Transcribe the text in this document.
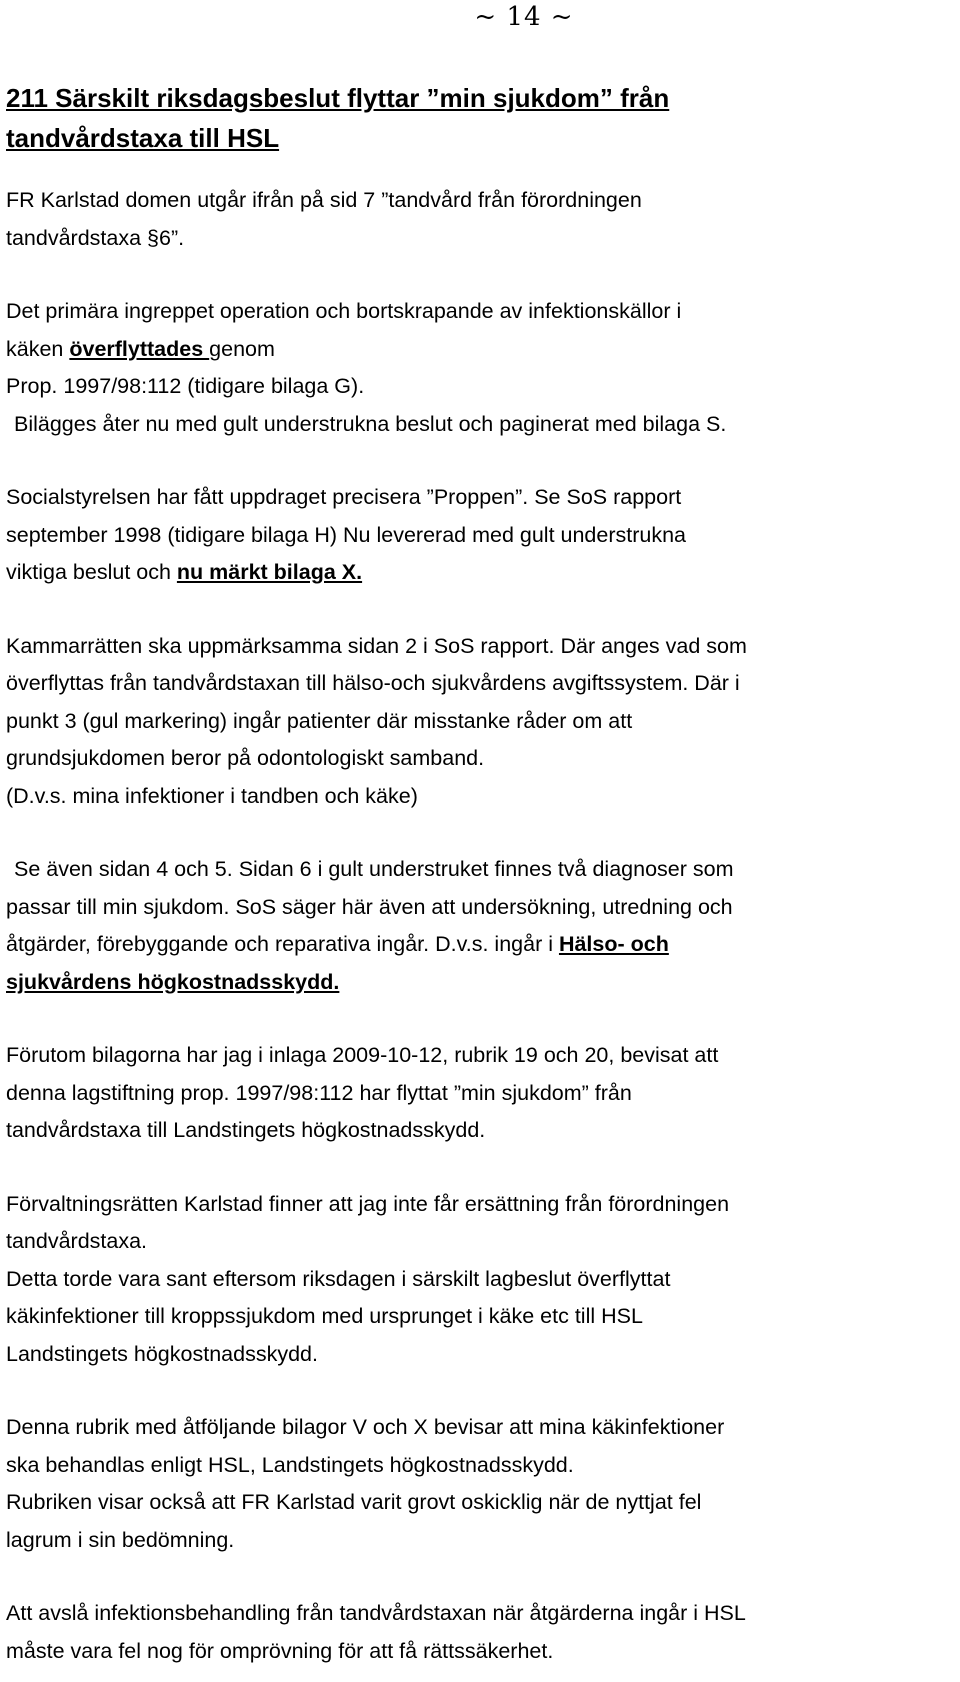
~ 14 ~
211 Särskilt riksdagsbeslut flyttar ”min sjukdom” från
tandvårdstaxa till HSL

FR Karlstad domen utgår ifrån på sid 7 ”tandvård från förordningen
tandvårdstaxa §6”.

Det primära ingreppet operation och bortskrapande av infektionskällor i
käken överflyttades genom
Prop. 1997/98:112 (tidigare bilaga G).
Bilägges åter nu med gult understrukna beslut och paginerat med bilaga S.

Socialstyrelsen har fått uppdraget precisera ”Proppen”. Se SoS rapport
september 1998 (tidigare bilaga H) Nu levererad med gult understrukna
viktiga beslut och nu märkt bilaga X.

Kammarrätten ska uppmärksamma sidan 2 i SoS rapport. Där anges vad som
överflyttas från tandvårdstaxan till hälso-och sjukvårdens avgiftssystem. Där i
punkt 3 (gul markering) ingår patienter där misstanke råder om att
grundsjukdomen beror på odontologiskt samband.
(D.v.s. mina infektioner i tandben och käke)

Se även sidan 4 och 5. Sidan 6 i gult understruket finnes två diagnoser som
passar till min sjukdom. SoS säger här även att undersökning, utredning och
åtgärder, förebyggande och reparativa ingår. D.v.s. ingår i Hälso- och
sjukvårdens högkostnadsskydd.

Förutom bilagorna har jag i inlaga 2009-10-12, rubrik 19 och 20, bevisat att
denna lagstiftning prop. 1997/98:112 har flyttat ”min sjukdom” från
tandvårdstaxa till Landstingets högkostnadsskydd.

Förvaltningsrätten Karlstad finner att jag inte får ersättning från förordningen
tandvårdstaxa.
Detta torde vara sant eftersom riksdagen i särskilt lagbeslut överflyttat
käkinfektioner till kroppssjukdom med ursprunget i käke etc till HSL
Landstingets högkostnadsskydd.

Denna rubrik med åtföljande bilagor V och X bevisar att mina käkinfektioner
ska behandlas enligt HSL, Landstingets högkostnadsskydd.
Rubriken visar också att FR Karlstad varit grovt oskicklig när de nyttjat fel
lagrum i sin bedömning.

Att avslå infektionsbehandling från tandvårdstaxan när åtgärderna ingår i HSL
måste vara fel nog för omprövning för att få rättssäkerhet.
